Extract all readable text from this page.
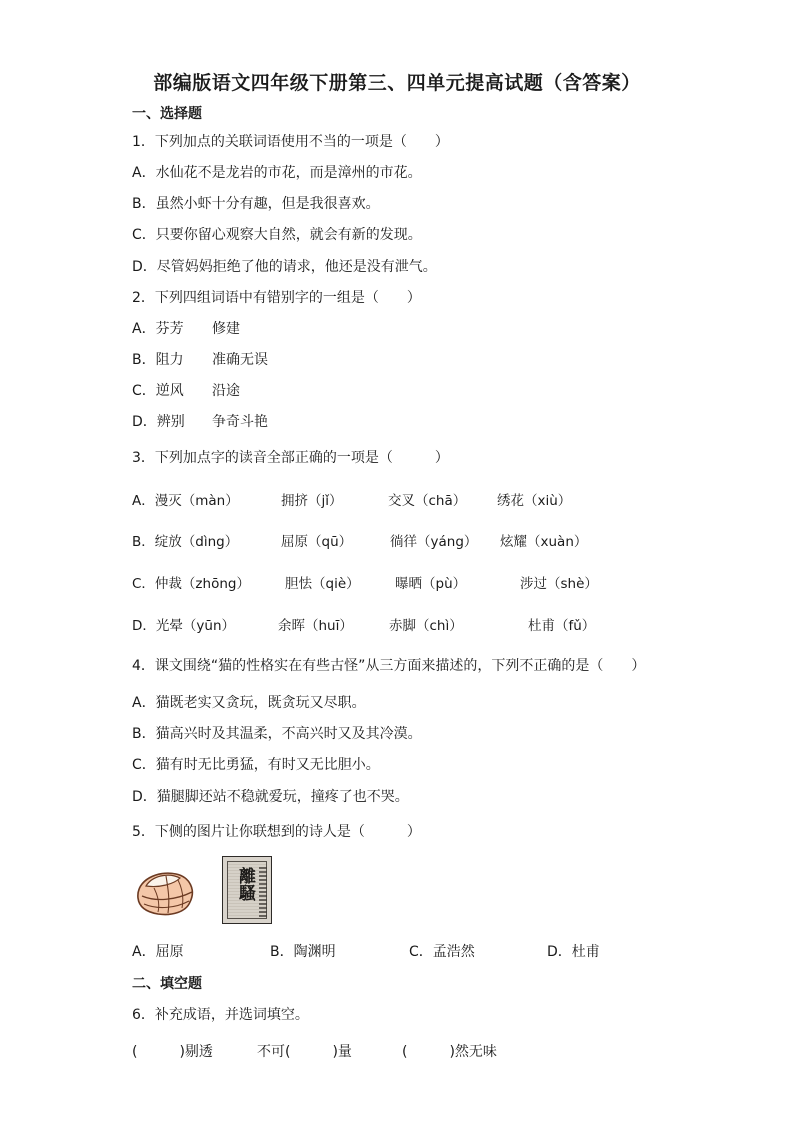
部编版语文四年级下册第三、四单元提高试题（含答案）
一、选择题
1．下列加点的关联词语使用不当的一项是（　　）
A．水仙花不是龙岩的市花，而是漳州的市花。
B．虽然小虾十分有趣，但是我很喜欢。
C．只要你留心观察大自然，就会有新的发现。
D．尽管妈妈拒绝了他的请求，他还是没有泄气。
2．下列四组词语中有错别字的一组是（　　）
A．芬芳 修建
B．阻力 准确无误
C．逆风 沿途
D．辨别 争奇斗艳
3．下列加点字的读音全部正确的一项是（　　　）
A．漫灭（màn）	拥挤（jǐ）	交叉（chā） 绣花（xiù）
B．绽放（dìng）	屈原（qū）	徜徉（yáng） 炫耀（xuàn）
C．仲裁（zhōng）	胆怯（qiè）	曝晒（pù）	涉过（shè）
D．光晕（yūn）	余晖（huī）	赤脚（chì）	杜甫（fǔ）
4．课文围绕“猫的性格实在有些古怪”从三方面来描述的，下列不正确的是（　　）
A．猫既老实又贪玩，既贪玩又尽职。
B．猫高兴时及其温柔，不高兴时又及其冷漠。
C．猫有时无比勇猛，有时又无比胆小。
D．猫腿脚还站不稳就爱玩，撞疼了也不哭。
5．下侧的图片让你联想到的诗人是（　　　）
離騷
A．屈原	B．陶渊明	C．孟浩然	D．杜甫
二、填空题
6．补充成语，并选词填空。
(　　　)剔透	不可(　　　)量	(　　　)然无味
